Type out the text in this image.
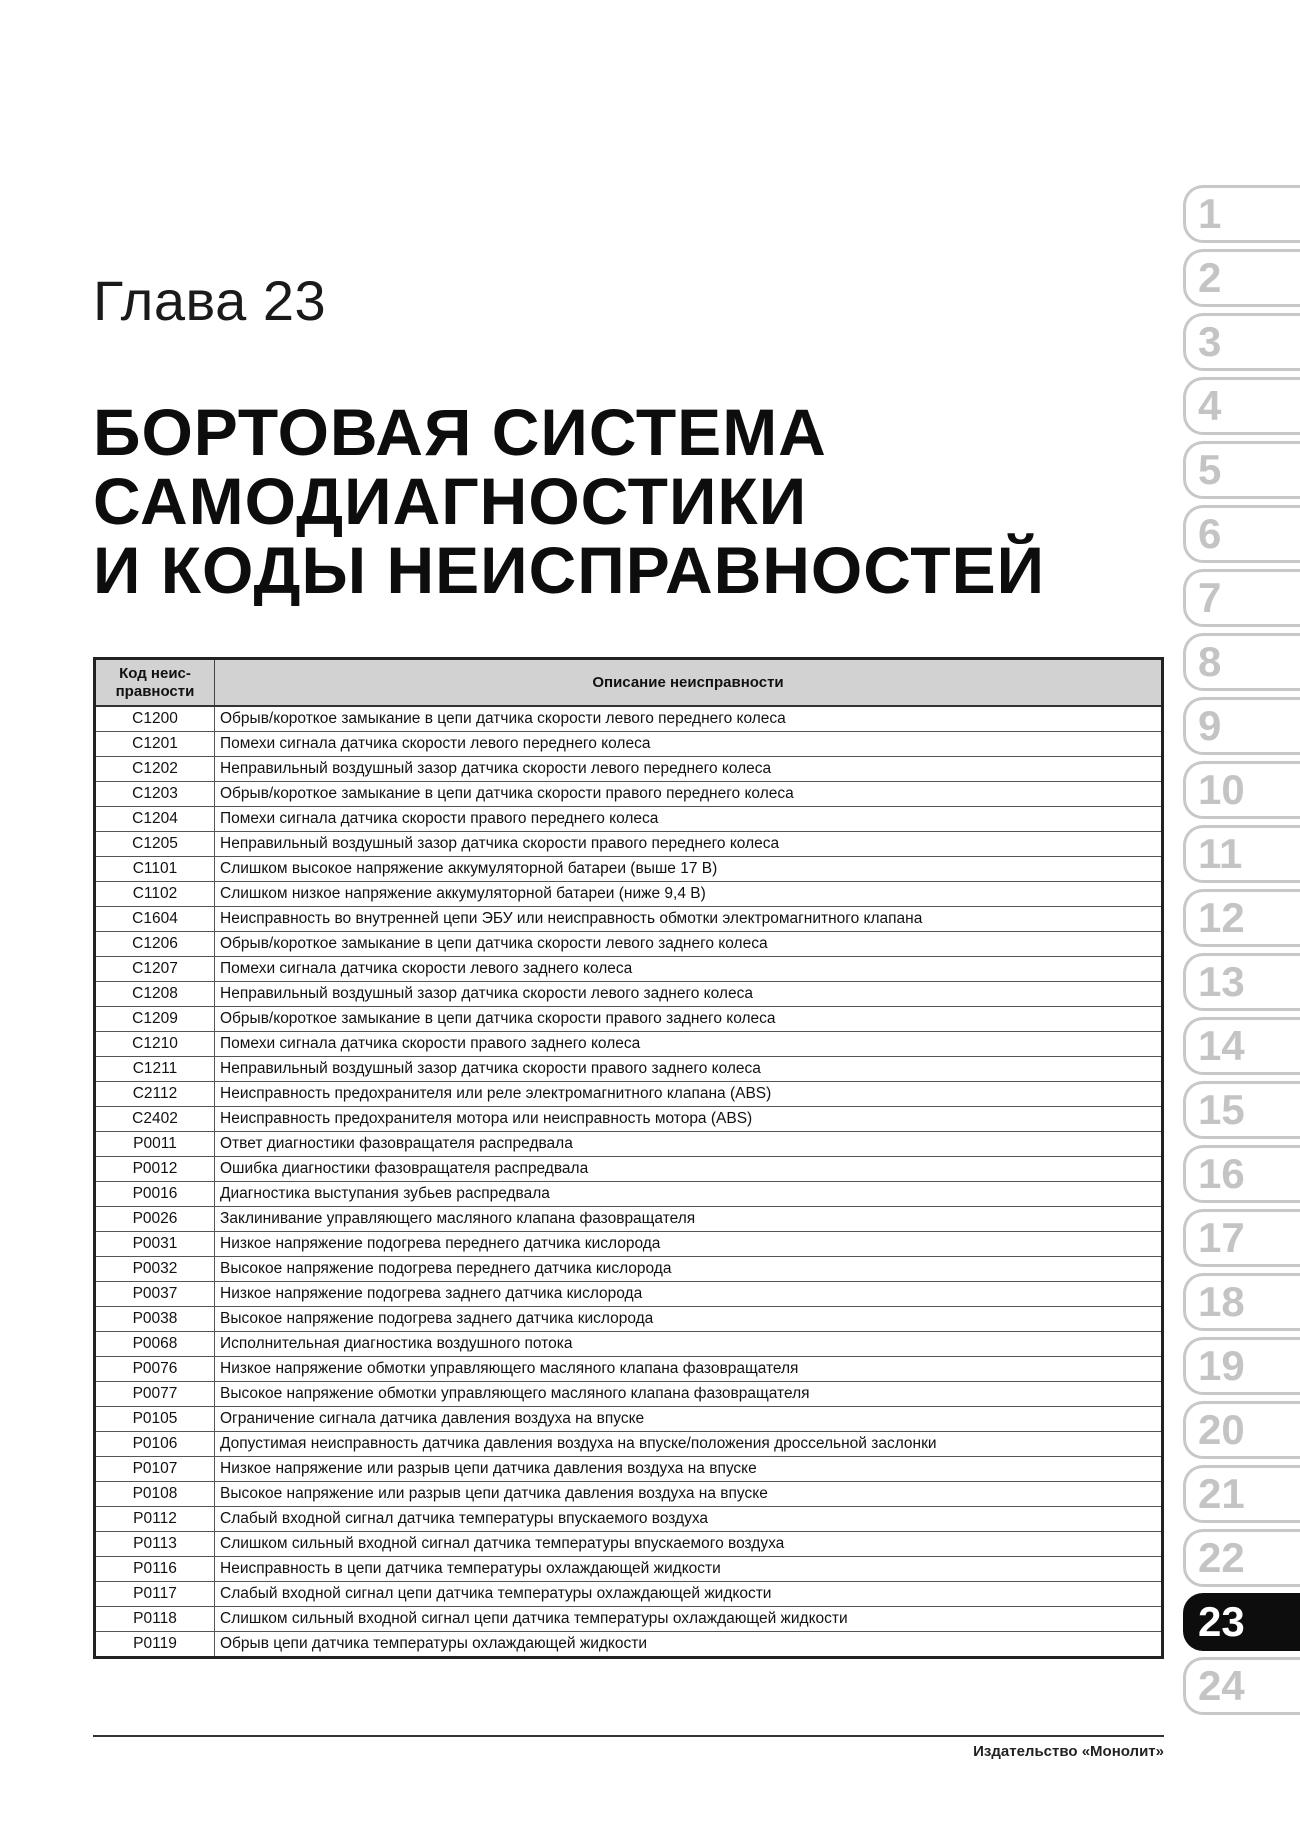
Глава 23
БОРТОВАЯ СИСТЕМА
САМОДИАГНОСТИКИ
И КОДЫ НЕИСПРАВНОСТЕЙ
Код неис-правности	Описание неисправности
C1200	Обрыв/короткое замыкание в цепи датчика скорости левого переднего колеса
C1201	Помехи сигнала датчика скорости левого переднего колеса
C1202	Неправильный воздушный зазор датчика скорости левого переднего колеса
C1203	Обрыв/короткое замыкание в цепи датчика скорости правого переднего колеса
C1204	Помехи сигнала датчика скорости правого переднего колеса
C1205	Неправильный воздушный зазор датчика скорости правого переднего колеса
C1101	Слишком высокое напряжение аккумуляторной батареи (выше 17 В)
C1102	Слишком низкое напряжение аккумуляторной батареи (ниже 9,4 В)
C1604	Неисправность во внутренней цепи ЭБУ или неисправность обмотки электромагнитного клапана
C1206	Обрыв/короткое замыкание в цепи датчика скорости левого заднего колеса
C1207	Помехи сигнала датчика скорости левого заднего колеса
C1208	Неправильный воздушный зазор датчика скорости левого заднего колеса
C1209	Обрыв/короткое замыкание в цепи датчика скорости правого заднего колеса
C1210	Помехи сигнала датчика скорости правого заднего колеса
C1211	Неправильный воздушный зазор датчика скорости правого заднего колеса
C2112	Неисправность предохранителя или реле электромагнитного клапана (ABS)
C2402	Неисправность предохранителя мотора или неисправность мотора (ABS)
P0011	Ответ диагностики фазовращателя распредвала
P0012	Ошибка диагностики фазовращателя распредвала
P0016	Диагностика выступания зубьев распредвала
P0026	Заклинивание управляющего масляного клапана фазовращателя
P0031	Низкое напряжение подогрева переднего датчика кислорода
P0032	Высокое напряжение подогрева переднего датчика кислорода
P0037	Низкое напряжение подогрева заднего датчика кислорода
P0038	Высокое напряжение подогрева заднего датчика кислорода
P0068	Исполнительная диагностика воздушного потока
P0076	Низкое напряжение обмотки управляющего масляного клапана фазовращателя
P0077	Высокое напряжение обмотки управляющего масляного клапана фазовращателя
P0105	Ограничение сигнала датчика давления воздуха на впуске
P0106	Допустимая неисправность датчика давления воздуха на впуске/положения дроссельной заслонки
P0107	Низкое напряжение или разрыв цепи датчика давления воздуха на впуске
P0108	Высокое напряжение или разрыв цепи датчика давления воздуха на впуске
P0112	Слабый входной сигнал датчика температуры впускаемого воздуха
P0113	Слишком сильный входной сигнал датчика температуры впускаемого воздуха
P0116	Неисправность в цепи датчика температуры охлаждающей жидкости
P0117	Слабый входной сигнал цепи датчика температуры охлаждающей жидкости
P0118	Слишком сильный входной сигнал цепи датчика температуры охлаждающей жидкости
P0119	Обрыв цепи датчика температуры охлаждающей жидкости
Издательство «Монолит»
1
2
3
4
5
6
7
8
9
10
11
12
13
14
15
16
17
18
19
20
21
22
23
24
